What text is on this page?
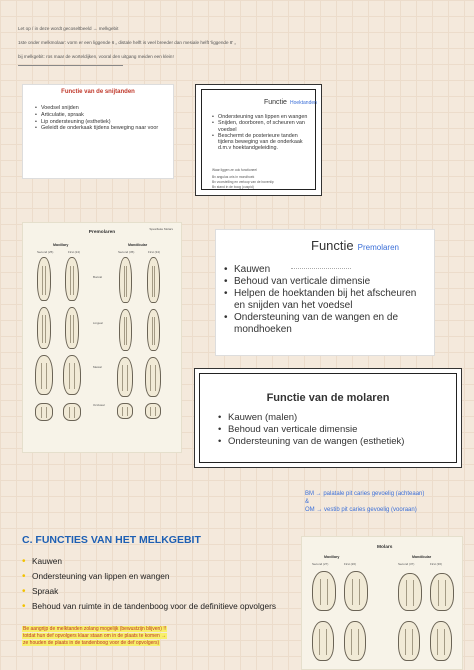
Let op / in deze wordt gecoseltbeeld → melkgebit
1ste onder melkmolaar: vorm er een liggende 6 „ distale helft is veel breeder dan mesiale helft 'liggende 8' „
bij melkgebit: ros maar de worteldijken, vooral den uitgang meiden een klein!
Functie van de snijtanden
• Voedsel snijden
• Articulatie, spraak
• Lip ondersteuning (esthetiek)
• Geleidt de onderkaak tijdens beweging naar voor
Functie Hoektanden
• Ondersteuning van lippen en wangen
• Snijden, doorboren, of scheuren van voedsel
• Beschermt de posterieure tanden tijdens beweging van de onderkaak d.m.v hoektandgeleiding.
Waar liggen ze ook functioneel
Bv angulus oris in mondhoek
Bv voorstelling en verloop van de bovenlip
Bv stand in de boog (cuspid)
Premolaren
Spesifieke Molars
Maxillary	Mandibular
Second (25)	First (24)	Second (35)	First (34)
Buccal
Lingual
Mesial
Occlusal
Functie Premolaren
• Kauwen
• Behoud van verticale dimensie
• Helpen de hoektanden bij het afscheuren en snijden van het voedsel
• Ondersteuning van de wangen en de mondhoeken
Functie van de molaren
• Kauwen (malen)
• Behoud van verticale dimensie
• Ondersteuning van de wangen (esthetiek)
BM → palatale pit caries gevoelig (achteaan)
&
OM → vestib pit caries gevoelig (vooraan)
C. FUNCTIES VAN HET MELKGEBIT
• Kauwen
• Ondersteuning van lippen en wangen
• Spraak
• Behoud van ruimte in de tandenboog voor de definitieve opvolgers
Be aangrijp de melktanden zolang mogelijk (bewustzijn blijven) !!
totdat hun def opvolgers klaar staan om in de plaats te komen →
ze houden de plaats in de tandenboog voor de def opvolgers)
Molars
Maxillary	Mandibular
Second (27)	First (26)	Second (37)	First (36)
